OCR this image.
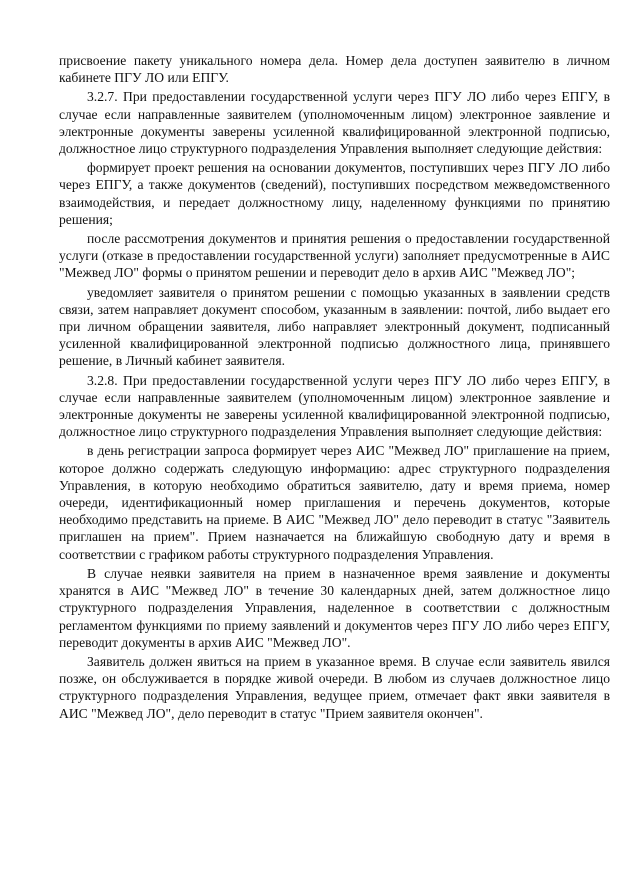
присвоение пакету уникального номера дела. Номер дела доступен заявителю в личном кабинете ПГУ ЛО или ЕПГУ.

3.2.7. При предоставлении государственной услуги через ПГУ ЛО либо через ЕПГУ, в случае если направленные заявителем (уполномоченным лицом) электронное заявление и электронные документы заверены усиленной квалифицированной электронной подписью, должностное лицо структурного подразделения Управления выполняет следующие действия:

формирует проект решения на основании документов, поступивших через ПГУ ЛО либо через ЕПГУ, а также документов (сведений), поступивших посредством межведомственного взаимодействия, и передает должностному лицу, наделенному функциями по принятию решения;

после рассмотрения документов и принятия решения о предоставлении государственной услуги (отказе в предоставлении государственной услуги) заполняет предусмотренные в АИС "Межвед ЛО" формы о принятом решении и переводит дело в архив АИС "Межвед ЛО";

уведомляет заявителя о принятом решении с помощью указанных в заявлении средств связи, затем направляет документ способом, указанным в заявлении: почтой, либо выдает его при личном обращении заявителя, либо направляет электронный документ, подписанный усиленной квалифицированной электронной подписью должностного лица, принявшего решение, в Личный кабинет заявителя.

3.2.8. При предоставлении государственной услуги через ПГУ ЛО либо через ЕПГУ, в случае если направленные заявителем (уполномоченным лицом) электронное заявление и электронные документы не заверены усиленной квалифицированной электронной подписью, должностное лицо структурного подразделения Управления выполняет следующие действия:

в день регистрации запроса формирует через АИС "Межвед ЛО" приглашение на прием, которое должно содержать следующую информацию: адрес структурного подразделения Управления, в которую необходимо обратиться заявителю, дату и время приема, номер очереди, идентификационный номер приглашения и перечень документов, которые необходимо представить на приеме. В АИС "Межвед ЛО" дело переводит в статус "Заявитель приглашен на прием". Прием назначается на ближайшую свободную дату и время в соответствии с графиком работы структурного подразделения Управления.

В случае неявки заявителя на прием в назначенное время заявление и документы хранятся в АИС "Межвед ЛО" в течение 30 календарных дней, затем должностное лицо структурного подразделения Управления, наделенное в соответствии с должностным регламентом функциями по приему заявлений и документов через ПГУ ЛО либо через ЕПГУ, переводит документы в архив АИС "Межвед ЛО".

Заявитель должен явиться на прием в указанное время. В случае если заявитель явился позже, он обслуживается в порядке живой очереди. В любом из случаев должностное лицо структурного подразделения Управления, ведущее прием, отмечает факт явки заявителя в АИС "Межвед ЛО", дело переводит в статус "Прием заявителя окончен".
